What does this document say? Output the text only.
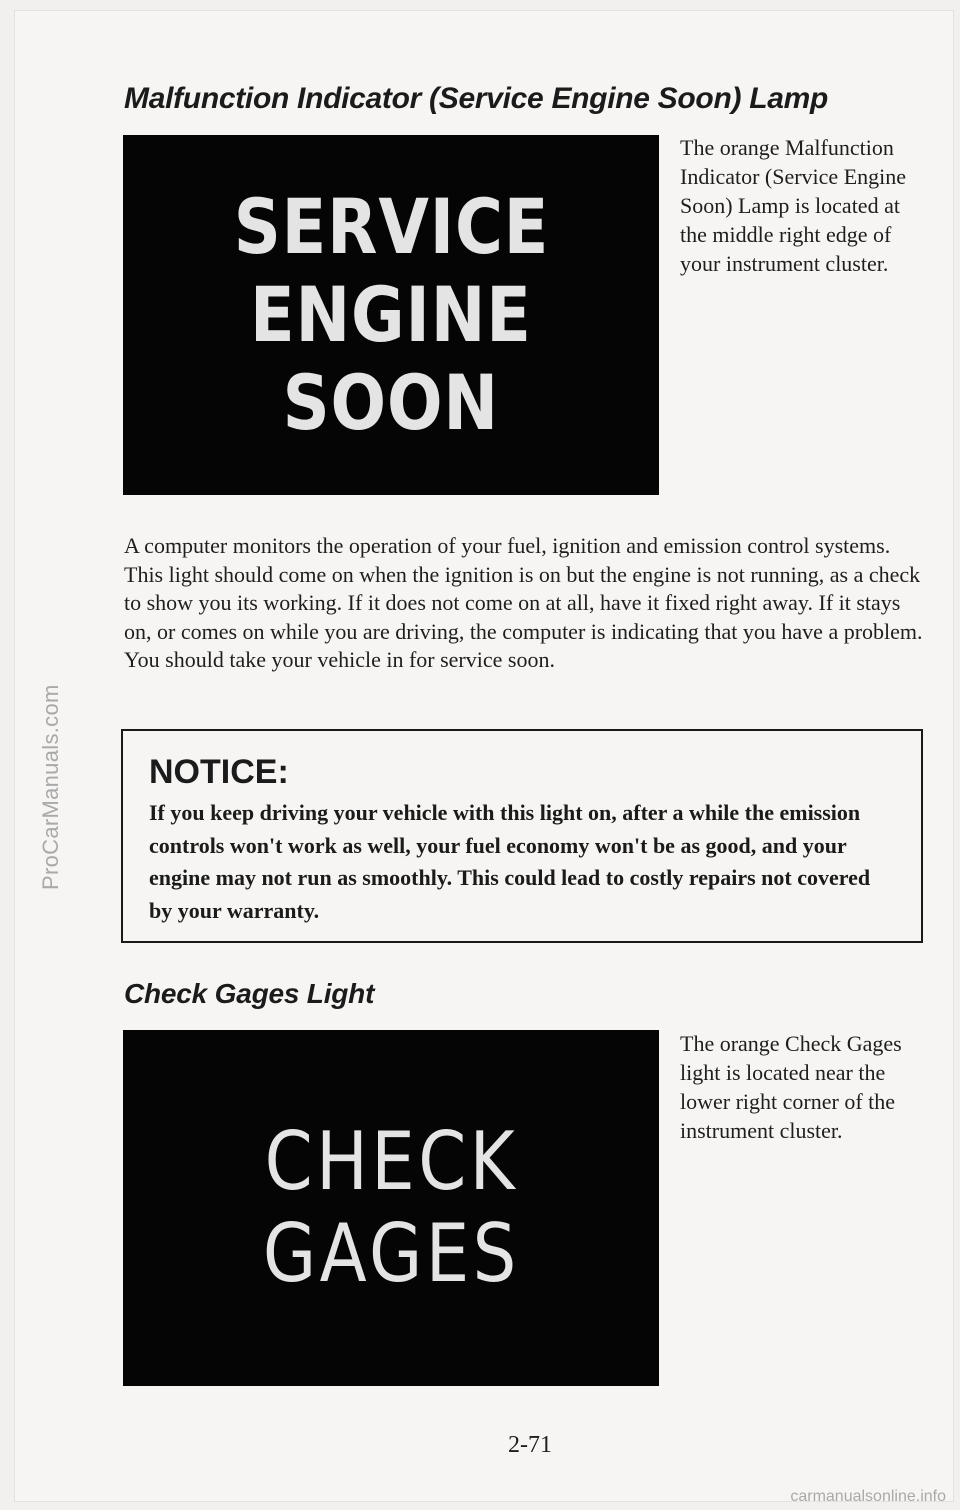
ProCarManuals.com
Malfunction Indicator (Service Engine Soon) Lamp
SERVICE
ENGINE
SOON
The orange Malfunction Indicator (Service Engine Soon) Lamp is located at the middle right edge of your instrument cluster.
A computer monitors the operation of your fuel, ignition and emission control systems. This light should come on when the ignition is on but the engine is not running, as a check to show you its working. If it does not come on at all, have it fixed right away. If it stays on, or comes on while you are driving, the computer is indicating that you have a problem. You should take your vehicle in for service soon.
NOTICE:
If you keep driving your vehicle with this light on, after a while the emission controls won't work as well, your fuel economy won't be as good, and your engine may not run as smoothly. This could lead to costly repairs not covered by your warranty.
Check Gages Light
CHECK
GAGES
The orange Check Gages light is located near the lower right corner of the instrument cluster.
2-71
carmanualsonline.info
